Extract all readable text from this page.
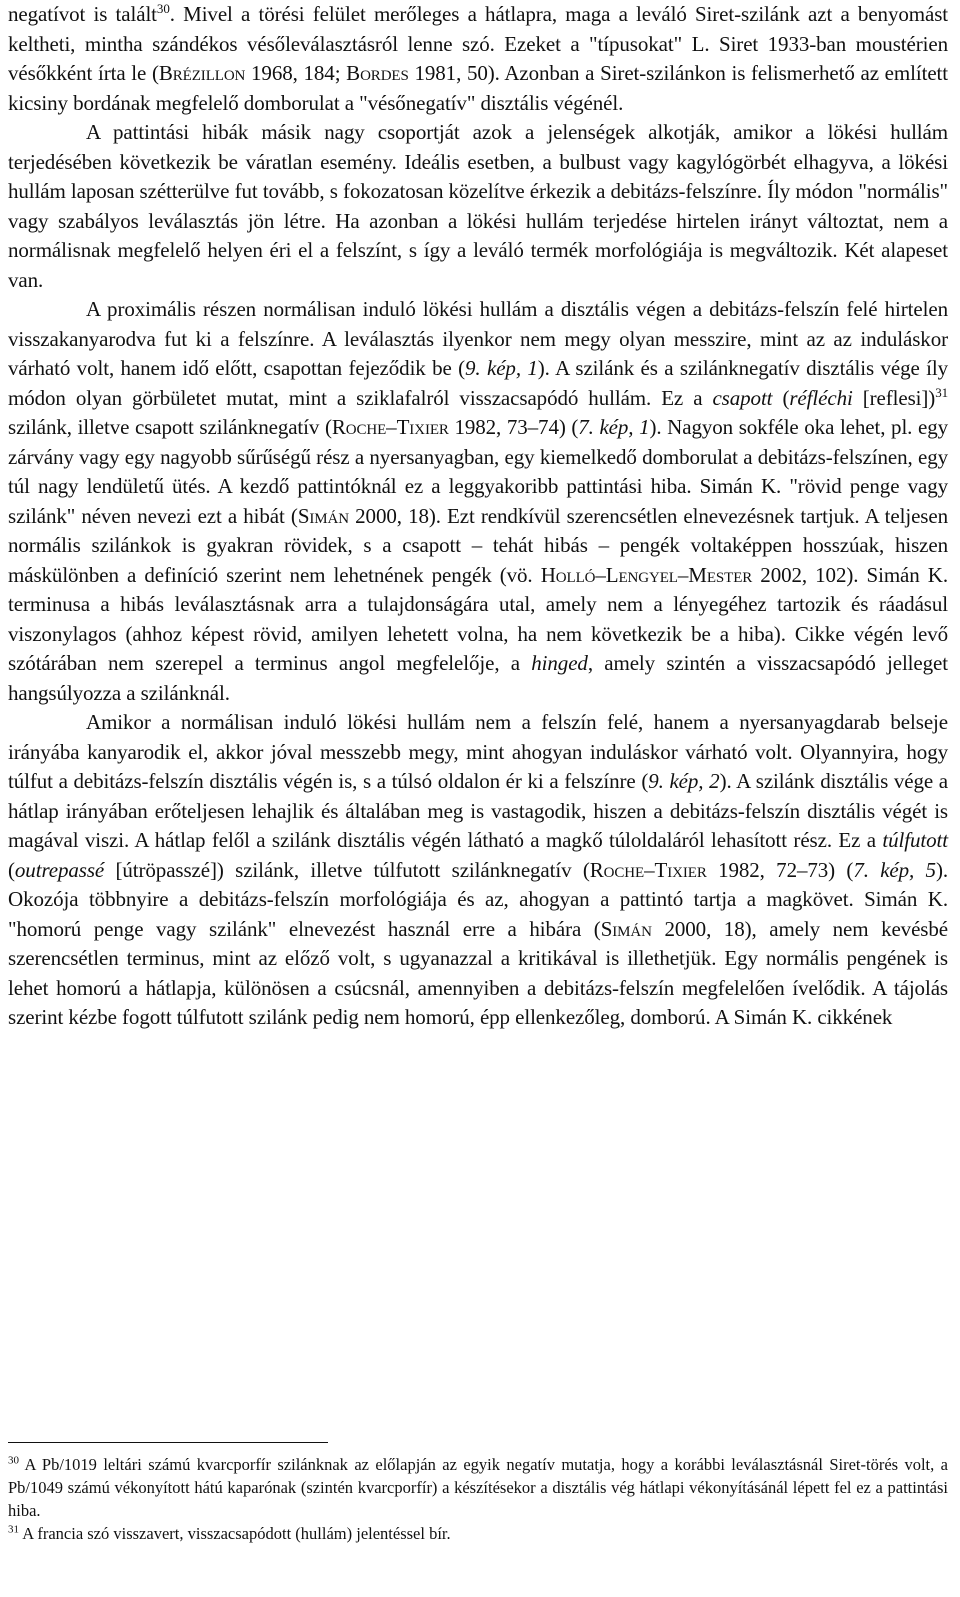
negatívot is talált$^{30}$. Mivel a törési felület merőleges a hátlapra, maga a leváló Siret-szilánk azt a benyomást keltheti, mintha szándékos vésőleválasztásról lenne szó. Ezeket a "típusokat" L. Siret 1933-ban moustérien vésőkként írta le (Brézillon 1968, 184; Bordes 1981, 50). Azonban a Siret-szilánkon is felismerhető az említett kicsiny bordának megfelelő domborulat a "vésőnegatív" disztális végénél.

A pattintási hibák másik nagy csoportját azok a jelenségek alkotják, amikor a lökési hullám terjedésében következik be váratlan esemény. Ideális esetben, a bulbust vagy kagylógörbét elhagyva, a lökési hullám laposan szétterülve fut tovább, s fokozatosan közelítve érkezik a debitázs-felszínre. Íly módon "normális" vagy szabályos leválasztás jön létre. Ha azonban a lökési hullám terjedése hirtelen irányt változtat, nem a normálisnak megfelelő helyen éri el a felszínt, s így a leváló termék morfológiája is megváltozik. Két alapeset van.

A proximális részen normálisan induló lökési hullám a disztális végen a debitázs-felszín felé hirtelen visszakanyarodva fut ki a felszínre. A leválasztás ilyenkor nem megy olyan messzire, mint az az induláskor várható volt, hanem idő előtt, csapottan fejeződik be (9. kép, 1). A szilánk és a szilánknegatív disztális vége íly módon olyan görbületet mutat, mint a sziklafalról visszacsapódó hullám. Ez a csapott (réfléchi [reflesi])$^{31}$ szilánk, illetve csapott szilánknegatív (Roche–Tixier 1982, 73–74) (7. kép, 1). Nagyon sokféle oka lehet, pl. egy zárvány vagy egy nagyobb sűrűségű rész a nyersanyagban, egy kiemelkedő domborulat a debitázs-felszínen, egy túl nagy lendületű ütés. A kezdő pattintóknál ez a leggyakoribb pattintási hiba. Simán K. "rövid penge vagy szilánk" néven nevezi ezt a hibát (Simán 2000, 18). Ezt rendkívül szerencsétlen elnevezésnek tartjuk. A teljesen normális szilánkok is gyakran rövidek, s a csapott – tehát hibás – pengék voltaképpen hosszúak, hiszen máskülönben a definíció szerint nem lehetnének pengék (vö. Holló–Lengyel–Mester 2002, 102). Simán K. terminusa a hibás leválasztásnak arra a tulajdonságára utal, amely nem a lényegéhez tartozik és ráadásul viszonylagos (ahhoz képest rövid, amilyen lehetett volna, ha nem következik be a hiba). Cikke végén levő szótárában nem szerepel a terminus angol megfelelője, a hinged, amely szintén a visszacsapódó jelleget hangsúlyozza a szilánknál.

Amikor a normálisan induló lökési hullám nem a felszín felé, hanem a nyersanyagdarab belseje irányába kanyarodik el, akkor jóval messzebb megy, mint ahogyan induláskor várható volt. Olyannyira, hogy túlfut a debitázs-felszín disztális végén is, s a túlsó oldalon ér ki a felszínre (9. kép, 2). A szilánk disztális vége a hátlap irányában erőteljesen lehajlik és általában meg is vastagodik, hiszen a debitázs-felszín disztális végét is magával viszi. A hátlap felől a szilánk disztális végén látható a magkő túloldaláról lehasított rész. Ez a túlfutott (outrepassé [útröpasszé]) szilánk, illetve túlfutott szilánknegatív (Roche–Tixier 1982, 72–73) (7. kép, 5). Okozója többnyire a debitázs-felszín morfológiája és az, ahogyan a pattintó tartja a magkövet. Simán K. "homorú penge vagy szilánk" elnevezést használ erre a hibára (Simán 2000, 18), amely nem kevésbé szerencsétlen terminus, mint az előző volt, s ugyanazzal a kritikával is illethetjük. Egy normális pengének is lehet homorú a hátlapja, különösen a csúcsnál, amennyiben a debitázs-felszín megfelelően ívelődik. A tájolás szerint kézbe fogott túlfutott szilánk pedig nem homorú, épp ellenkezőleg, domború. A Simán K. cikkének

$^{30}$ A Pb/1019 leltári számú kvarcporfír szilánknak az előlapján az egyik negatív mutatja, hogy a korábbi leválasztásnál Siret-törés volt, a Pb/1049 számú vékonyított hátú kaparónak (szintén kvarcporfír) a készítésekor a disztális vég hátlapi vékonyításánál lépett fel ez a pattintási hiba.

$^{31}$ A francia szó visszavert, visszacsapódott (hullám) jelentéssel bír.
